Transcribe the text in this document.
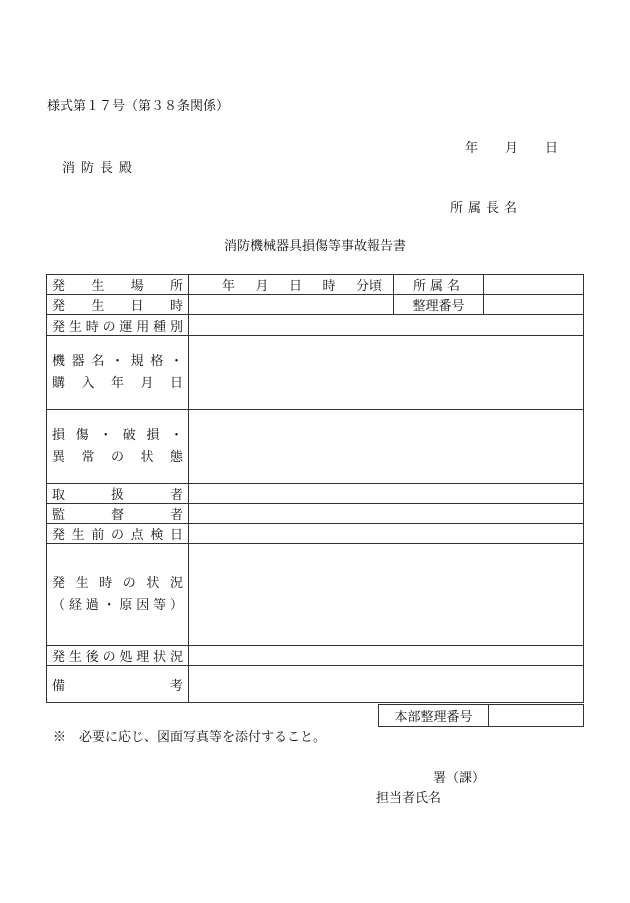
様式第１７号（第３８条関係）
年 月 日
消防長殿
所属長名
消防機械器具損傷等事故報告書
発生場所	年 月 日 時 分頃	所属名	
発生日時		整理番号	
発生時の運用種別			

機器名・規格・
購入年月日			

損傷・破損・
異常の状態			

取扱者			
監督者			
発生前の点検日			

発生時の状況
（経過・原因等）			

発生後の処理状況			
備考			
本部整理番号	
※　必要に応じ、図面写真等を添付すること。
署（課）
担当者氏名
